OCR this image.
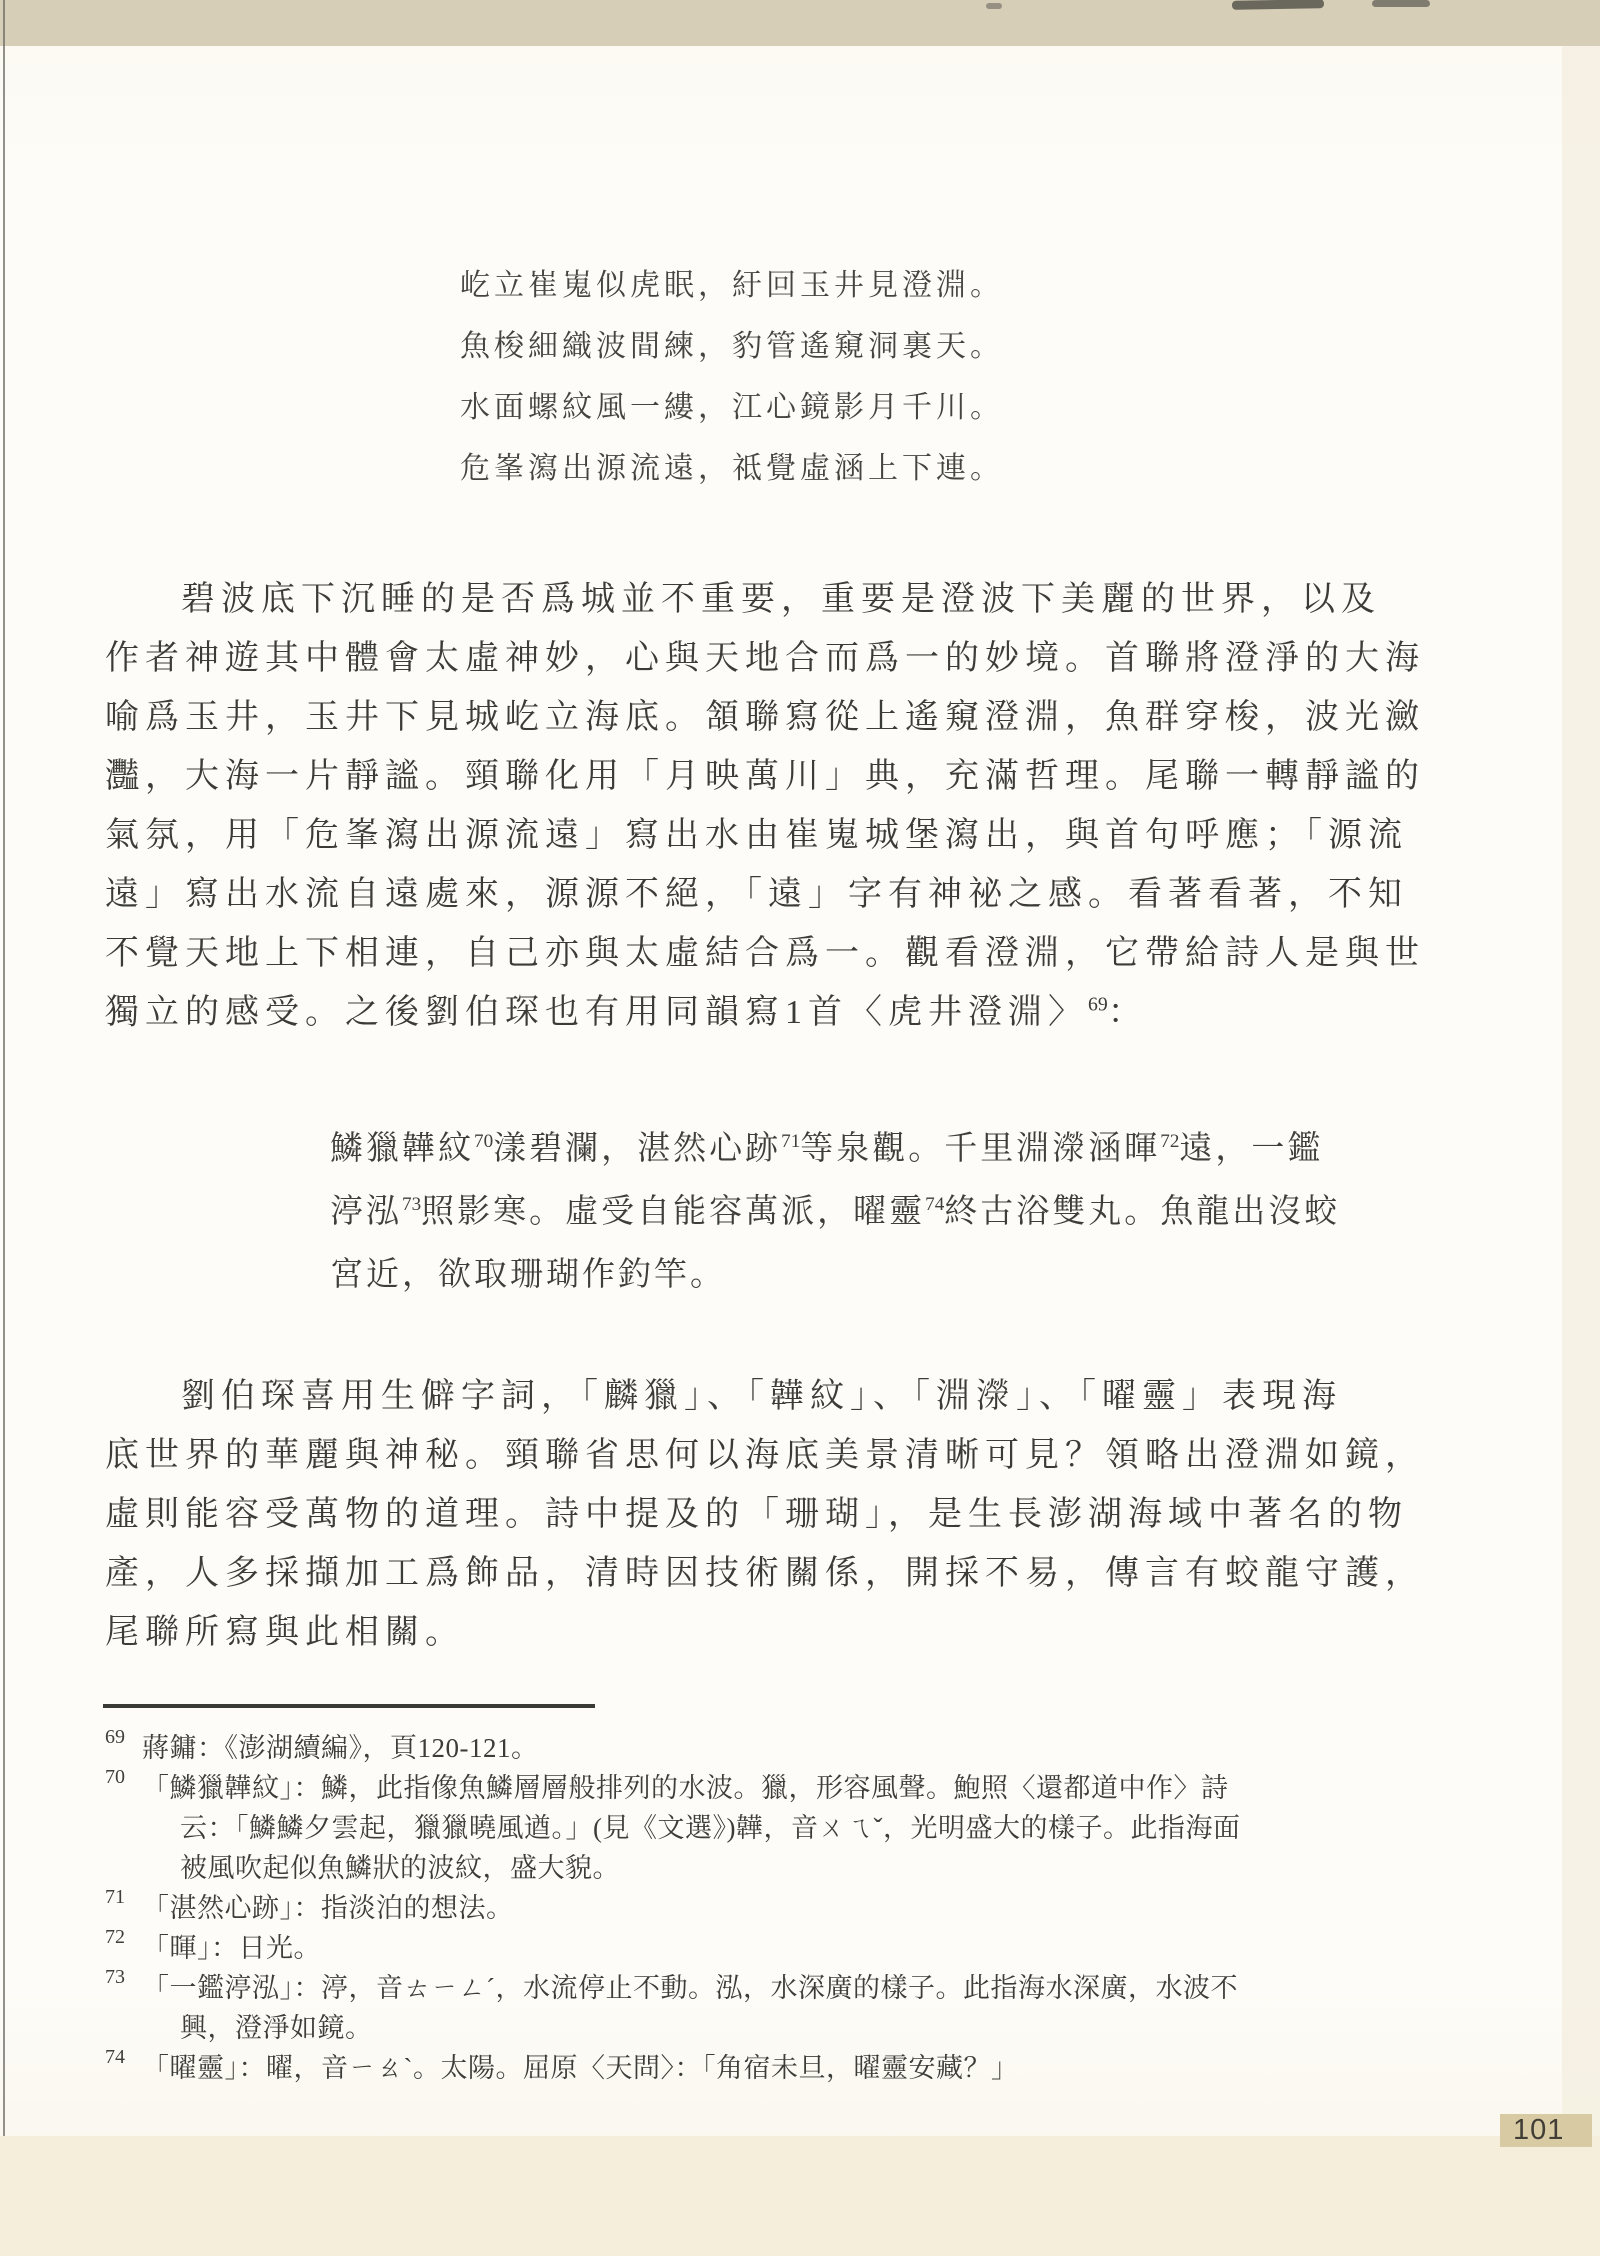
屹立崔嵬似虎眠，紆回玉井見澄淵。
魚梭細織波間練，豹管遙窺洞裏天。
水面螺紋風一縷，江心鏡影月千川。
危峯瀉出源流遠，祗覺虛涵上下連。
碧波底下沉睡的是否爲城並不重要，重要是澄波下美麗的世界，以及
作者神遊其中體會太虛神妙，心與天地合而爲一的妙境。首聯將澄淨的大海
喻爲玉井，玉井下見城屹立海底。頷聯寫從上遙窺澄淵，魚群穿梭，波光瀲
灩，大海一片靜謐。頸聯化用「月映萬川」典，充滿哲理。尾聯一轉靜謐的
氣氛，用「危峯瀉出源流遠」寫出水由崔嵬城堡瀉出，與首句呼應；「源流
遠」寫出水流自遠處來，源源不絕，「遠」字有神祕之感。看著看著，不知
不覺天地上下相連，自己亦與太虛結合爲一。觀看澄淵，它帶給詩人是與世
獨立的感受。之後劉伯琛也有用同韻寫1首〈虎井澄淵〉$^{69}$：
鱗獵韡紋$^{70}$漾碧瀾，湛然心跡$^{71}$等泉觀。千里淵濴涵暉$^{72}$遠，一鑑
渟泓$^{73}$照影寒。虛受自能容萬派，曜靈$^{74}$終古浴雙丸。魚龍出沒蛟
宮近，欲取珊瑚作釣竿。
劉伯琛喜用生僻字詞，「麟獵」、「韡紋」、「淵濴」、「曜靈」表現海
底世界的華麗與神秘。頸聯省思何以海底美景清晰可見？領略出澄淵如鏡，
虛則能容受萬物的道理。詩中提及的「珊瑚」，是生長澎湖海域中著名的物
產，人多採擷加工爲飾品，清時因技術關係，開採不易，傳言有蛟龍守護，
尾聯所寫與此相關。
69 蔣鏞：《澎湖續編》，頁120-121。
70 「鱗獵韡紋」：鱗，此指像魚鱗層層般排列的水波。獵，形容風聲。鮑照〈還都道中作〉詩
云：「鱗鱗夕雲起，獵獵曉風遒。」(見《文選》)韡，音ㄨㄟˇ，光明盛大的樣子。此指海面
被風吹起似魚鱗狀的波紋，盛大貌。
71 「湛然心跡」：指淡泊的想法。
72 「暉」：日光。
73 「一鑑渟泓」：渟，音ㄊㄧㄥˊ，水流停止不動。泓，水深廣的樣子。此指海水深廣，水波不
興，澄淨如鏡。
74 「曜靈」：曜，音ㄧㄠˋ。太陽。屈原〈天問〉：「角宿未旦，曜靈安藏？」
101
